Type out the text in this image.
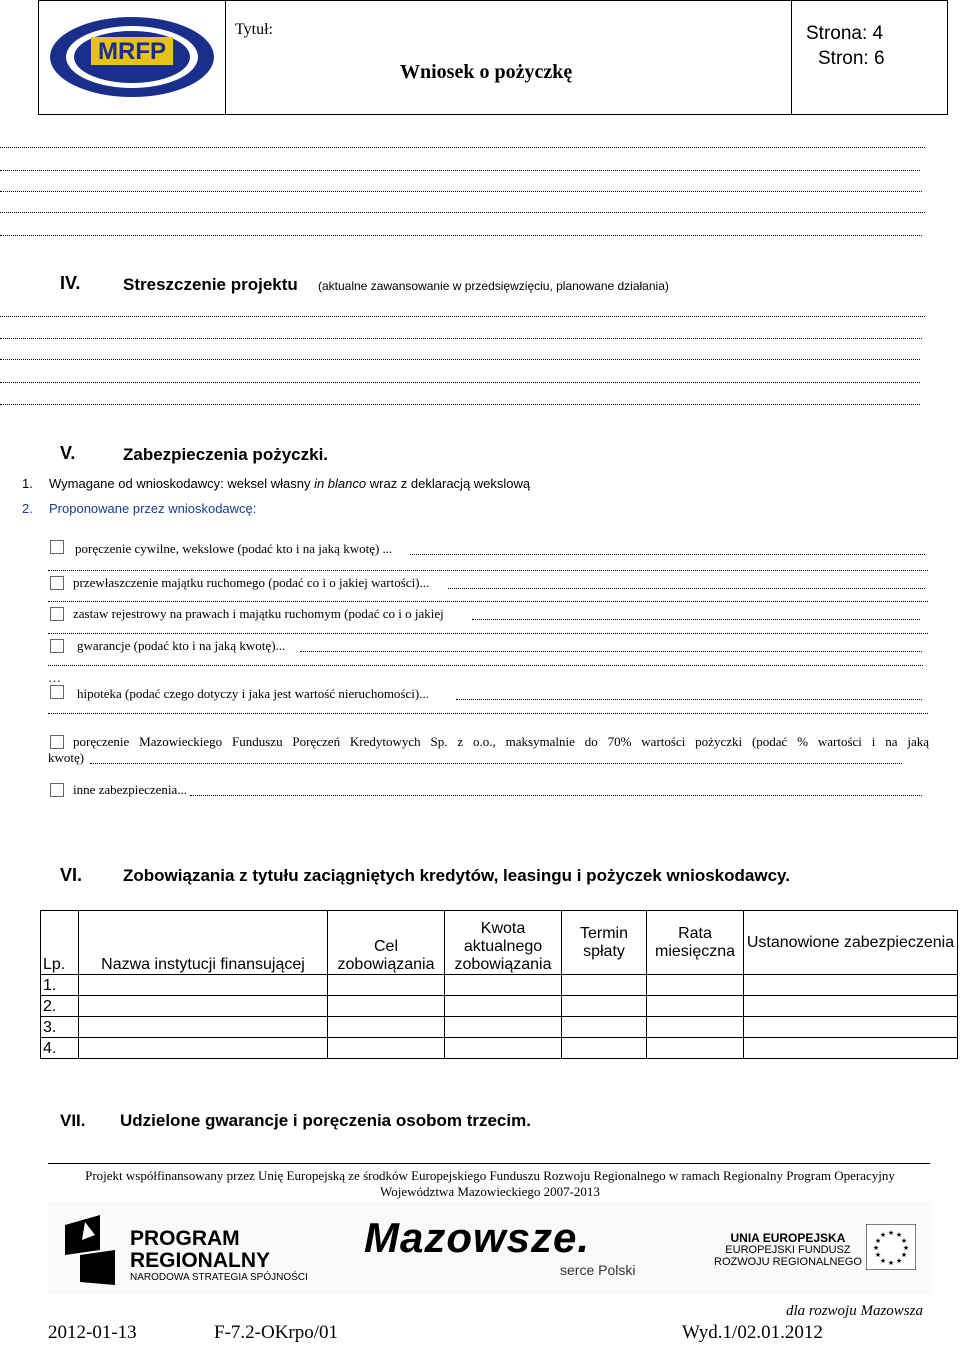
MRFP
Tytuł:
Wniosek o pożyczkę
Strona: 4
Stron: 6
IV.	Streszczenie projektu (aktualne zawansowanie w przedsięwzięciu, planowane działania)
V.	Zabezpieczenia pożyczki.
1. Wymagane od wnioskodawcy: weksel własny in blanco wraz z deklaracją wekslową
2. Proponowane przez wnioskodawcę:
poręczenie cywilne, wekslowe (podać kto i na jaką kwotę) ...
przewłaszczenie majątku ruchomego (podać co i o jakiej wartości)...
zastaw rejestrowy na prawach i majątku ruchomym (podać co i o jakiej
gwarancje (podać kto i na jaką kwotę)...
…
hipoteka (podać czego dotyczy i jaka jest wartość nieruchomości)...
poręczenie Mazowieckiego Funduszu Poręczeń Kredytowych Sp. z o.o., maksymalnie do 70% wartości pożyczki (podać % wartości i na jaką
kwotę)
inne zabezpieczenia...
VI. Zobowiązania z tytułu zaciągniętych kredytów, leasingu i pożyczek wnioskodawcy.
Lp.	Nazwa instytucji finansującej	Cel zobowiązania	Kwota aktualnego zobowiązania	Termin spłaty	Rata miesięczna	Ustanowione zabezpieczenia
1.						
2.						
3.						
4.						
VII. Udzielone gwarancje i poręczenia osobom trzecim.
Projekt współfinansowany przez Unię Europejską ze środków Europejskiego Funduszu Rozwoju Regionalnego w ramach Regionalny Program Operacyjny
Województwa Mazowieckiego 2007-2013
PROGRAM
REGIONALNY
NARODOWA STRATEGIA SPÓJNOŚCI
Mazowsze.
serce Polski
UNIA EUROPEJSKA
EUROPEJSKI FUNDUSZ
ROZWOJU REGIONALNEGO
★ ★
★
★
★
★
★
★
★
★
★
★
dla rozwoju Mazowsza
2012-01-13	F-7.2-OKrpo/01	Wyd.1/02.01.2012
